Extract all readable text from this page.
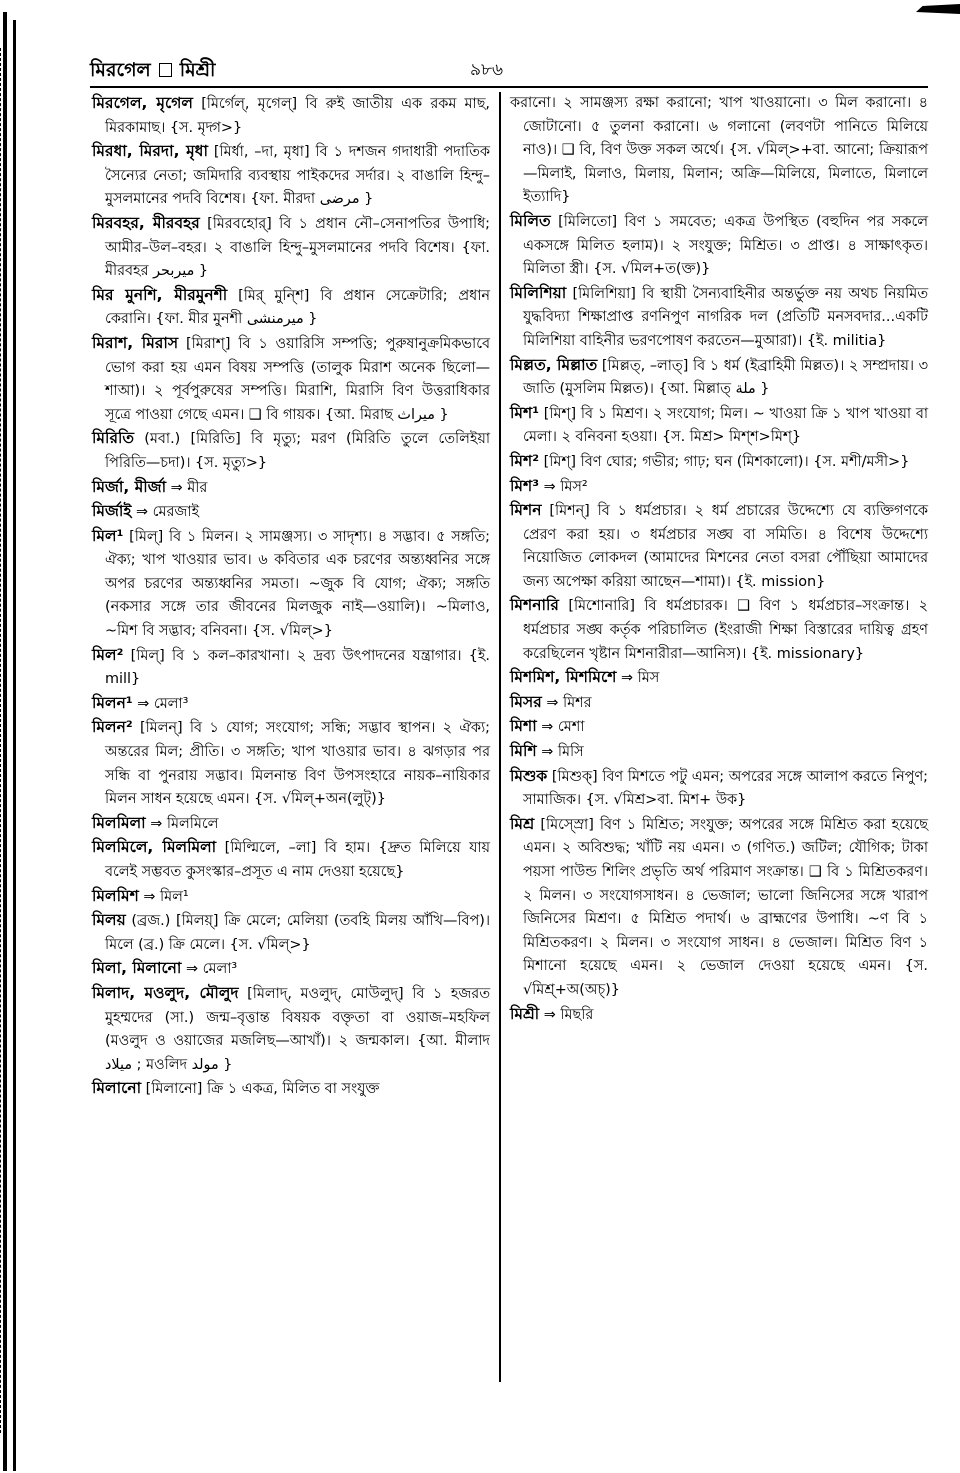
মিরগেল মিশ্রী	৯৮৬

মিরগেল, মৃগেল [মির্গেল্, মৃগেল্] বি রুই জাতীয় এক রকম মাছ, মিরকামাছ। {স. মৃদ্গ>}

মিরধা, মিরদা, মৃধা [মির্ধা, –দা, মৃধা] বি ১ দশজন গদাধারী পদাতিক সৈন্যের নেতা; জমিদারি ব্যবস্থায় পাইকদের সর্দার। ২ বাঙালি হিন্দু–মুসলমানের পদবি বিশেষ। {ফা. মীরদা مرضی }

মিরবহর, মীরবহর [মিরবহোর্] বি ১ প্রধান নৌ–সেনাপতির উপাধি; আমীর–উল–বহর। ২ বাঙালি হিন্দু–মুসলমানের পদবি বিশেষ। {ফা. মীরবহর میربحر }

মির মুনশি, মীরমুনশী [মির্ মুন্শি] বি প্রধান সেক্রেটারি; প্রধান কেরানি। {ফা. মীর মুনশী میرمنشی }

মিরাশ, মিরাস [মিরাশ্] বি ১ ওয়ারিসি সম্পত্তি; পুরুষানুক্রমিকভাবে ভোগ করা হয় এমন বিষয় সম্পত্তি (তালুক মিরাশ অনেক ছিলো—শাআ)। ২ পূর্বপুরুষের সম্পত্তি। মিরাশি, মিরাসি বিণ উত্তরাধিকার সূত্রে পাওয়া গেছে এমন। ❑ বি গায়ক। {আ. মিরাছ میراث }

মিরিতি (মবা.) [মিরিতি] বি মৃত্যু; মরণ (মিরিতি তুলে তেলিইয়া পিরিতি—চদা)। {স. মৃত্যু>}

মির্জা, মীর্জা ⇒ মীর

মির্জাই ⇒ মেরজাই

মিল¹ [মিল্] বি ১ মিলন। ২ সামঞ্জস্য। ৩ সাদৃশ্য। ৪ সদ্ভাব। ৫ সঙ্গতি; ঐক্য; খাপ খাওয়ার ভাব। ৬ কবিতার এক চরণের অন্ত্যধ্বনির সঙ্গে অপর চরণের অন্ত্যধ্বনির সমতা। ~জুক বি যোগ; ঐক্য; সঙ্গতি (নকসার সঙ্গে তার জীবনের মিলজুক নাই—ওয়ালি)। ~মিলাও, ~মিশ বি সদ্ভাব; বনিবনা। {স. √মিল্>}

মিল² [মিল্] বি ১ কল–কারখানা। ২ দ্রব্য উৎপাদনের যন্ত্রাগার। {ই. mill}

মিলন¹ ⇒ মেলা³

মিলন² [মিলন্] বি ১ যোগ; সংযোগ; সন্ধি; সদ্ভাব স্থাপন। ২ ঐক্য; অন্তরের মিল; প্রীতি। ৩ সঙ্গতি; খাপ খাওয়ার ভাব। ৪ ঝগড়ার পর সন্ধি বা পুনরায় সদ্ভাব। মিলনান্ত বিণ উপসংহারে নায়ক–নায়িকার মিলন সাধন হয়েছে এমন। {স. √মিল্+অন(লুট্)}

মিলমিলা ⇒ মিলমিলে

মিলমিলে, মিলমিলা [মিল্মিলে, –লা] বি হাম। {দ্রুত মিলিয়ে যায় বলেই সম্ভবত কুসংস্কার–প্রসূত এ নাম দেওয়া হয়েছে}

মিলমিশ ⇒ মিল¹

মিলয় (ব্রজ.) [মিলয়্] ক্রি মেলে; মেলিয়া (তবহি মিলয় আঁখি—বিপ)। মিলে (ব্র.) ক্রি মেলে। {স. √মিল্>}

মিলা, মিলানো ⇒ মেলা³

মিলাদ, মওলুদ, মৌলুদ [মিলাদ্, মওলুদ্, মোউলুদ্] বি ১ হজরত মুহম্মদের (সা.) জন্ম–বৃত্তান্ত বিষয়ক বক্তৃতা বা ওয়াজ–মহফিল (মওলুদ ও ওয়াজের মজলিছ—আখাঁ)। ২ জন্মকাল। {আ. মীলাদ میلاد ; মওলিদ مولد }

মিলানো [মিলানো] ক্রি ১ একত্র, মিলিত বা সংযুক্ত

করানো। ২ সামঞ্জস্য রক্ষা করানো; খাপ খাওয়ানো। ৩ মিল করানো। ৪ জোটানো। ৫ তুলনা করানো। ৬ গলানো (লবণটা পানিতে মিলিয়ে নাও)। ❑ বি, বিণ উক্ত সকল অর্থে। {স. √মিল্>+বা. আনো; ক্রিয়ারূপ—মিলাই, মিলাও, মিলায়, মিলান; অক্রি—মিলিয়ে, মিলাতে, মিলালে ইত্যাদি}

মিলিত [মিলিতো] বিণ ১ সমবেত; একত্র উপস্থিত (বহুদিন পর সকলে একসঙ্গে মিলিত হলাম)। ২ সংযুক্ত; মিশ্রিত। ৩ প্রাপ্ত। ৪ সাক্ষাৎকৃত। মিলিতা স্ত্রী। {স. √মিল+ত(ক্ত)}

মিলিশিয়া [মিলিশিয়া] বি স্থায়ী সৈন্যবাহিনীর অন্তর্ভুক্ত নয় অথচ নিয়মিত যুদ্ধবিদ্যা শিক্ষাপ্রাপ্ত রণনিপুণ নাগরিক দল (প্রতিটি মনসবদার...একটি মিলিশিয়া বাহিনীর ভরণপোষণ করতেন—মুআরা)। {ই. militia}

মিল্লত, মিল্লাত [মিল্লত্, –লাত্] বি ১ ধর্ম (ইব্রাহিমী মিল্লত)। ২ সম্প্রদায়। ৩ জাতি (মুসলিম মিল্লত)। {আ. মিল্লাত্ ملة }

মিশ¹ [মিশ্] বি ১ মিশ্রণ। ২ সংযোগ; মিল। ~ খাওয়া ক্রি ১ খাপ খাওয়া বা মেলা। ২ বনিবনা হওয়া। {স. মিশ্র> মিশ্শ>মিশ্}

মিশ² [মিশ্] বিণ ঘোর; গভীর; গাঢ়; ঘন (মিশকালো)। {স. মশী/মসী>}

মিশ³ ⇒ মিস²

মিশন [মিশন্] বি ১ ধর্মপ্রচার। ২ ধর্ম প্রচারের উদ্দেশ্যে যে ব্যক্তিগণকে প্রেরণ করা হয়। ৩ ধর্মপ্রচার সঙ্ঘ বা সমিতি। ৪ বিশেষ উদ্দেশ্যে নিয়োজিত লোকদল (আমাদের মিশনের নেতা বসরা পৌঁছিয়া আমাদের জন্য অপেক্ষা করিয়া আছেন—শামা)। {ই. mission}

মিশনারি [মিশোনারি] বি ধর্মপ্রচারক। ❑ বিণ ১ ধর্মপ্রচার–সংক্রান্ত। ২ ধর্মপ্রচার সঙ্ঘ কর্তৃক পরিচালিত (ইংরাজী শিক্ষা বিস্তারের দায়িত্ব গ্রহণ করেছিলেন খৃষ্টান মিশনারীরা—আনিস)। {ই. missionary}

মিশমিশ, মিশমিশে ⇒ মিস

মিসর ⇒ মিশর

মিশা ⇒ মেশা

মিশি ⇒ মিসি

মিশুক [মিশুক্] বিণ মিশতে পটু এমন; অপরের সঙ্গে আলাপ করতে নিপুণ; সামাজিক। {স. √মিশ্র>বা. মিশ+ উক}

মিশ্র [মিস্স্রো] বিণ ১ মিশ্রিত; সংযুক্ত; অপরের সঙ্গে মিশ্রিত করা হয়েছে এমন। ২ অবিশুদ্ধ; খাঁটি নয় এমন। ৩ (গণিত.) জটিল; যৌগিক; টাকা পয়সা পাউন্ড শিলিং প্রভৃতি অর্থ পরিমাণ সংক্রান্ত। ❑ বি ১ মিশ্রিতকরণ। ২ মিলন। ৩ সংযোগসাধন। ৪ ভেজাল; ভালো জিনিসের সঙ্গে খারাপ জিনিসের মিশ্রণ। ৫ মিশ্রিত পদার্থ। ৬ ব্রাহ্মণের উপাধি। ~ণ বি ১ মিশ্রিতকরণ। ২ মিলন। ৩ সংযোগ সাধন। ৪ ভেজাল। মিশ্রিত বিণ ১ মিশানো হয়েছে এমন। ২ ভেজাল দেওয়া হয়েছে এমন। {স. √মিশ্র্+অ(অচ্)}

মিশ্রী ⇒ মিছরি
